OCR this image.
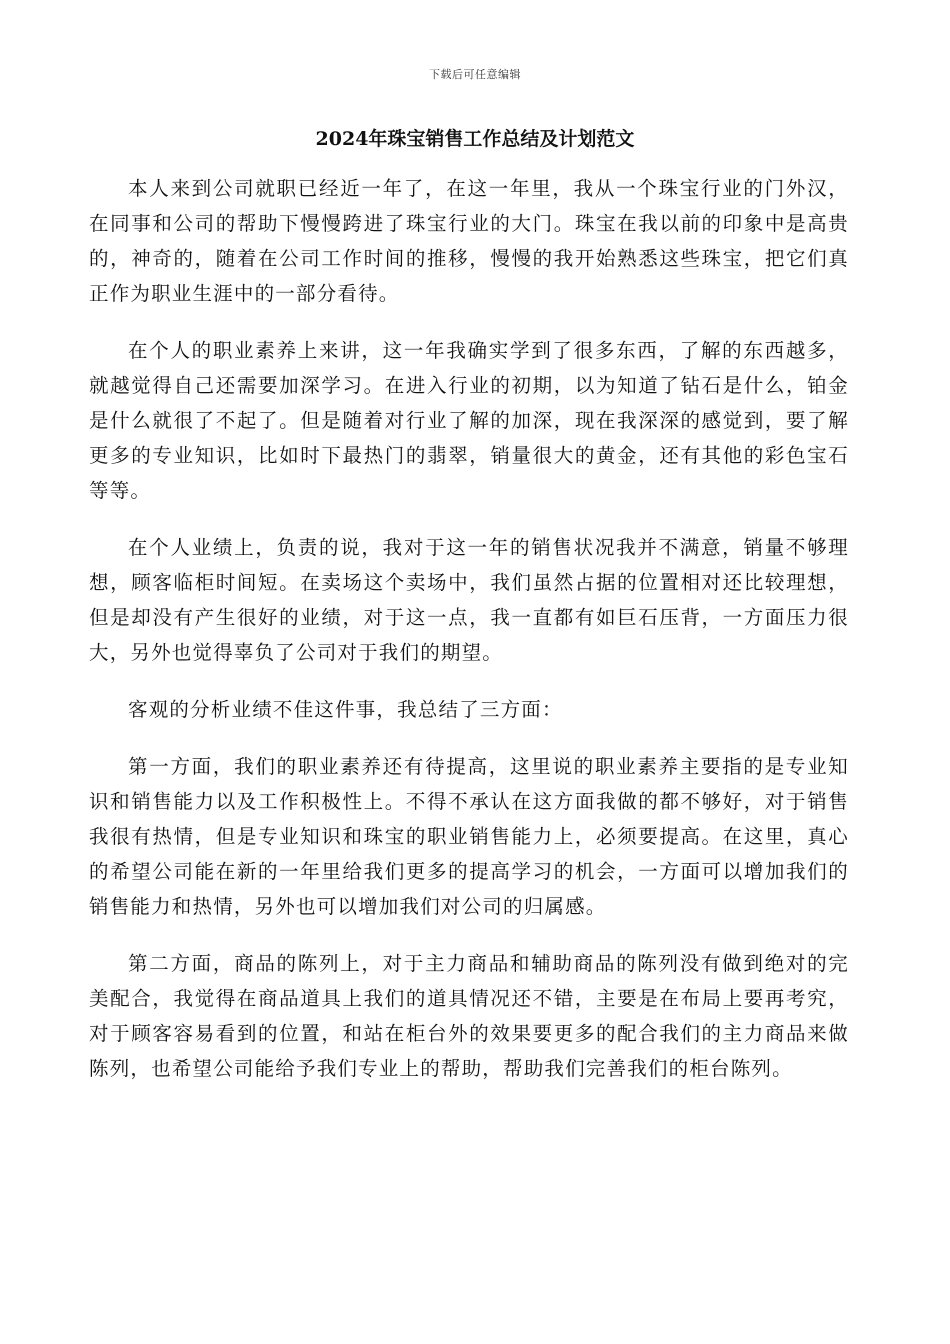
下载后可任意编辑
2024年珠宝销售工作总结及计划范文

本人来到公司就职已经近一年了，在这一年里，我从一个珠宝行业的门外汉，在同事和公司的帮助下慢慢跨进了珠宝行业的大门。珠宝在我以前的印象中是高贵的，神奇的，随着在公司工作时间的推移，慢慢的我开始熟悉这些珠宝，把它们真正作为职业生涯中的一部分看待。

在个人的职业素养上来讲，这一年我确实学到了很多东西，了解的东西越多，就越觉得自己还需要加深学习。在进入行业的初期，以为知道了钻石是什么，铂金是什么就很了不起了。但是随着对行业了解的加深，现在我深深的感觉到，要了解更多的专业知识，比如时下最热门的翡翠，销量很大的黄金，还有其他的彩色宝石等等。

在个人业绩上，负责的说，我对于这一年的销售状况我并不满意，销量不够理想，顾客临柜时间短。在卖场这个卖场中，我们虽然占据的位置相对还比较理想，但是却没有产生很好的业绩，对于这一点，我一直都有如巨石压背，一方面压力很大，另外也觉得辜负了公司对于我们的期望。

客观的分析业绩不佳这件事，我总结了三方面：

第一方面，我们的职业素养还有待提高，这里说的职业素养主要指的是专业知识和销售能力以及工作积极性上。不得不承认在这方面我做的都不够好，对于销售我很有热情，但是专业知识和珠宝的职业销售能力上，必须要提高。在这里，真心的希望公司能在新的一年里给我们更多的提高学习的机会，一方面可以增加我们的销售能力和热情，另外也可以增加我们对公司的归属感。

第二方面，商品的陈列上，对于主力商品和辅助商品的陈列没有做到绝对的完美配合，我觉得在商品道具上我们的道具情况还不错，主要是在布局上要再考究，对于顾客容易看到的位置，和站在柜台外的效果要更多的配合我们的主力商品来做陈列，也希望公司能给予我们专业上的帮助，帮助我们完善我们的柜台陈列。
